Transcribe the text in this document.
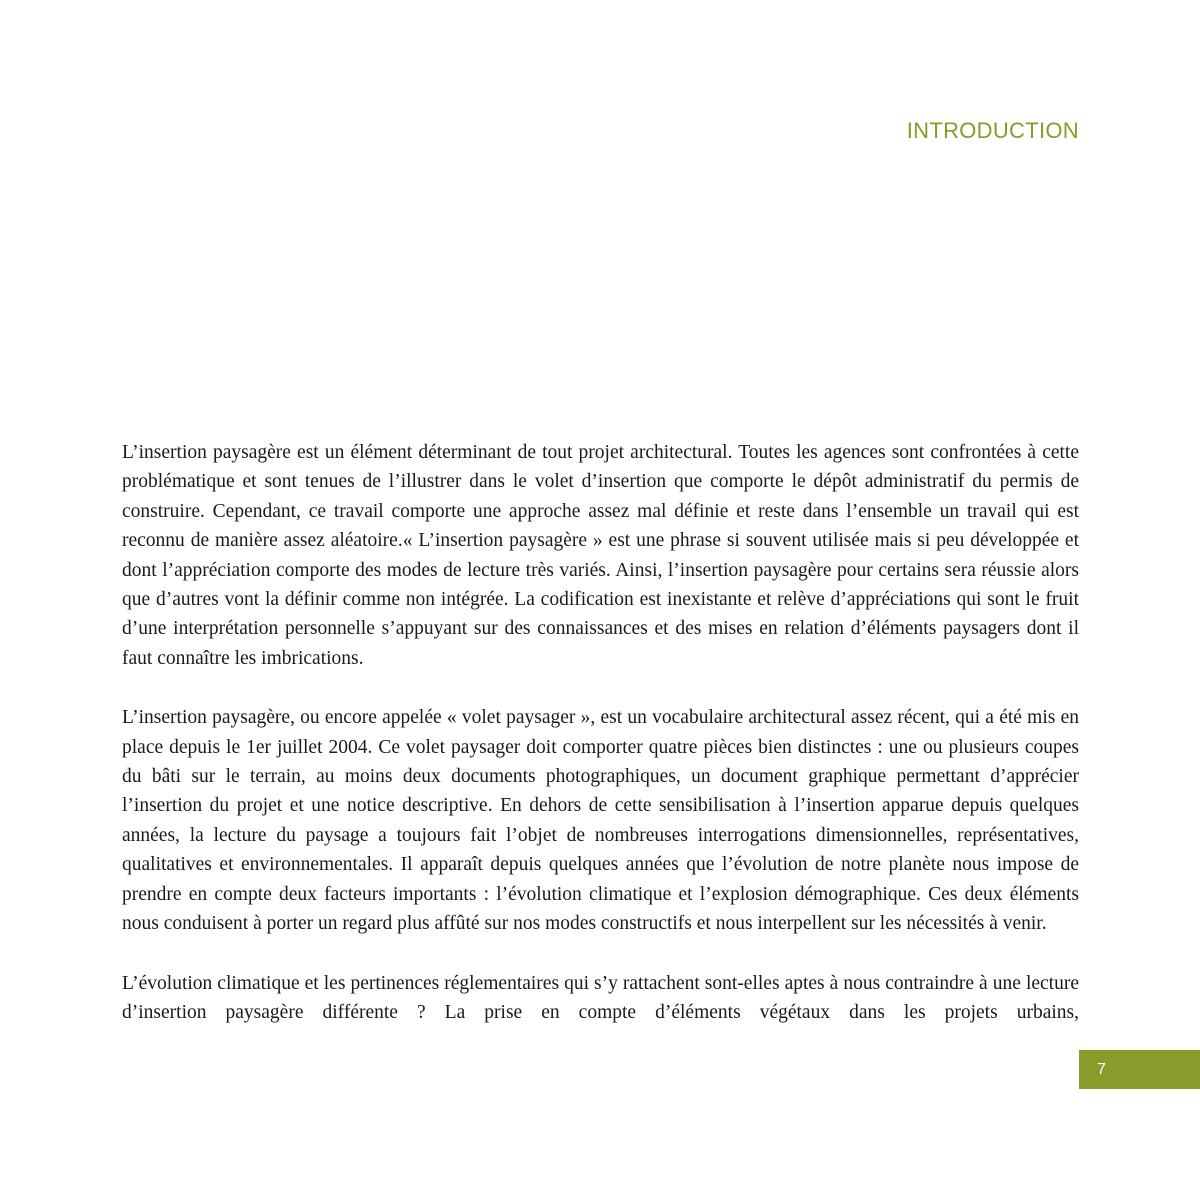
INTRODUCTION

L’insertion paysagère est un élément déterminant de tout projet architectural. Toutes les agences sont confrontées à cette problématique et sont tenues de l’illustrer dans le volet d’insertion que comporte le dépôt administratif du permis de construire. Cependant, ce travail comporte une approche assez mal définie et reste dans l’ensemble un travail qui est reconnu de manière assez aléatoire.« L’insertion paysagère » est une phrase si souvent utilisée mais si peu développée et dont l’appréciation comporte des modes de lecture très variés. Ainsi, l’insertion paysagère pour certains sera réussie alors que d’autres vont la définir comme non intégrée. La codification est inexistante et relève d’appréciations qui sont le fruit d’une interprétation personnelle s’appuyant sur des connaissances et des mises en relation d’éléments paysagers dont il faut connaître les imbrications.

L’insertion paysagère, ou encore appelée « volet paysager », est un vocabulaire architectural assez récent, qui a été mis en place depuis le 1er juillet 2004. Ce volet paysager doit comporter quatre pièces bien distinctes : une ou plusieurs coupes du bâti sur le terrain, au moins deux documents photographiques, un document graphique permettant d’apprécier l’insertion du projet et une notice descriptive. En dehors de cette sensibilisation à l’insertion apparue depuis quelques années, la lecture du paysage a toujours fait l’objet de nombreuses interrogations dimensionnelles, représentatives, qualitatives et environnementales. Il apparaît depuis quelques années que l’évolution de notre planète nous impose de prendre en compte deux facteurs importants : l’évolution climatique et l’explosion démographique. Ces deux éléments nous conduisent à porter un regard plus affûté sur nos modes constructifs et nous interpellent sur les nécessités à venir.

L’évolution climatique et les pertinences réglementaires qui s’y rattachent sont-elles aptes à nous contraindre à une lecture d’insertion paysagère différente ? La prise en compte d’éléments végétaux dans les projets urbains,

7
